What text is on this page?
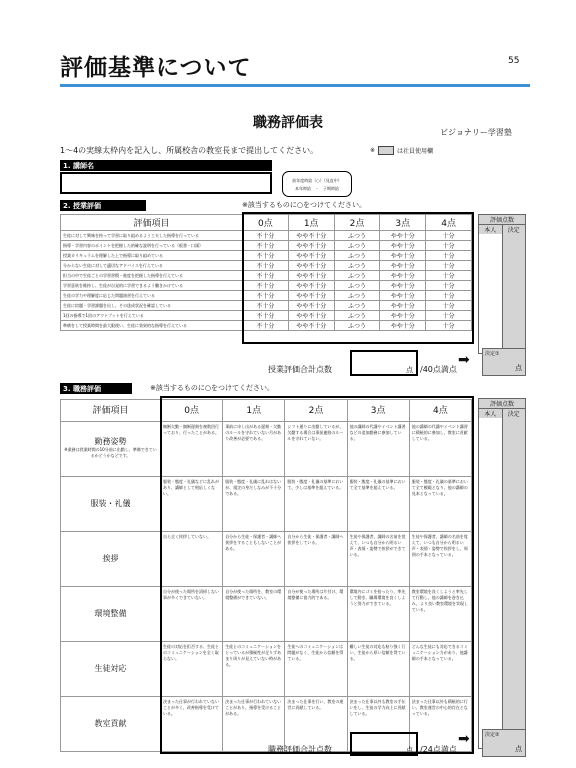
評価基準について	55
職務評価表
ビジョナリー学習塾
1〜4の実線太枠内を記入し、所属校舎の教室長まで提出してください。	※	は社員使用欄
1. 講師名
前年度時給（○）（見直中）
本年時給　・　子期時給
2. 授業評価	※該当するものに○をつけてください。
評価項目	0点	1点	2点	3点	4点
生徒に対して興味を持って学習に取り組めるよう工夫した指導を行っている	不十分	やや不十分	ふつう	やや十分	十分
指導・学習内容のポイントを把握した的確な説明を行っている（板書・口頭）	不十分	やや不十分	ふつう	やや十分	十分
授業カリキュラムを理解した上で指導に取り組めている	不十分	やや不十分	ふつう	やや十分	十分
分からない生徒に対して適切なアドバイスを行えている	不十分	やや不十分	ふつう	やや十分	十分
担当の中で生徒ごとの学習習慣・進度を把握した指導を行えている	不十分	やや不十分	ふつう	やや十分	十分
学習意欲を維持し、生徒が自発的に学習できるよう働きかけている	不十分	やや不十分	ふつう	やや十分	十分
生徒の学力や理解度に応じた問題演習を行えている	不十分	やや不十分	ふつう	やや十分	十分
生徒に宿題・学習課題を出し、その達成状況を確認している	不十分	やや不十分	ふつう	やや十分	十分
1回の指導で1回のアウトプットを行えている	不十分	やや不十分	ふつう	やや十分	十分
準備をして授業時間を最大限使い、生徒に効果的な指導を行えている	不十分	やや不十分	ふつう	やや十分	十分
評価点数
本人	決定
授業評価合計点数	点 /40点満点
➡	決定①
点
3. 職務評価	※該当するものに○をつけてください。
評価項目	0点	1点	2点	3点	4点

勤務姿勢
※業務は授業時間の10分前に出勤し、準備できているかどうかなどです。	無断欠勤・無断遅刻を複数回行っており、行ったことがある。	事前に申し出がある遅刻・欠勤のルールを守れていない月があり改善が必要である。	シフト通りに出勤しているが、欠勤する場合は事前連絡のルールを守れていない。	他の講師の代講やイベント講習などの追加勤務に参加している。	他の講師の代講やイベント講習に積極的に参加し、教室に貢献している。

服装・礼儀	服装・態度・礼儀などに乱れがあり、講師として相応しくない。	服装・態度・礼儀に乱れはないが、規定の身だしなみが不十分である。	服装・態度・礼儀の基準において、少しは基準を超えている。	服装・態度・礼儀の基準において全て基準を超えている。	服装・態度・礼儀の基準において全て模範となり、他の講師の見本となっている。

挨拶	自ら全く挨拶していない。	自分から生徒・保護者・講師へ挨拶をすることもしないことがある。	自分から生徒・保護者・講師へ挨拶をしている。	生徒や保護者、講師の名前を覚えて、いつも自分から明るい声・表情・姿勢で挨拶ができている。	生徒や保護者、講師の名前を覚えて、いつも自分から明るい声・表情・姿勢で挨拶をし、周囲の手本となっている。

環境整備	自分が使った場所を清掃しない事が多くできていない。	自分が使った場所を、教室の環境整備ができていない。	自分が使った場所は片付け、環境整備に協力的である。	環境内にゴミを拾ったり、率先して動き、職場環境を良くしようと努力ができている。	教室環境を良くしようと率先して行動し、他の講師を巻き込み、より良い教室環境を実現している。

生徒対応	生徒の対応を拒否する、生徒とのコミュニケーションを全く取らない。	生徒とのコミュニケーションをとっているが積極性が足りずあまり周りが見えていない時がある。	生徒へのコミュニケーションは問題がなく、生徒から信頼を得ている。	難しい生徒の対応も粘り強く行い、生徒から厚い信頼を得ている。	どんな生徒にも対応できるコミュニケーション力があり、他講師の手本となっている。

教室貢献	決まった仕事が行われていないことが多く、改善指導を受けている。	決まった仕事が行われていないことがあり、指導を受けることがある。	決まった仕事を行い、教室の運営に貢献している。	決まった仕事以外も教室の手伝いをし、生徒の学力向上に貢献している。	決まった仕事以外も積極的に行い、教室運営の中心的存在となっている。
評価点数
本人	決定
職務評価合計点数	点 /24点満点
➡	決定②
点
